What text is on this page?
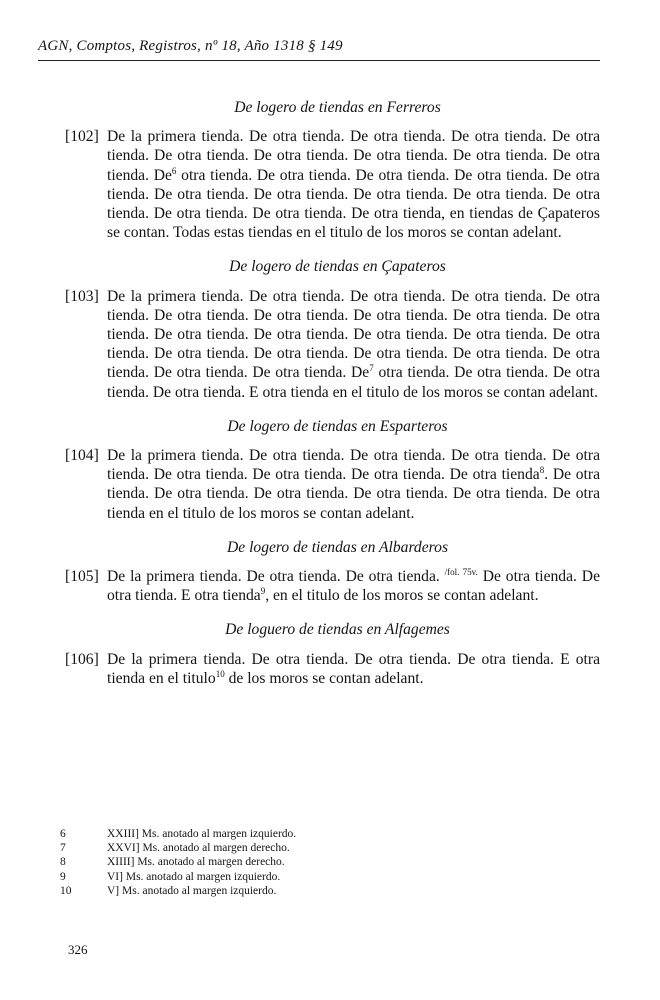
AGN, Comptos, Registros, nº 18, Año 1318 § 149
De logero de tiendas en Ferreros
[102] De la primera tienda. De otra tienda. De otra tienda. De otra tienda. De otra tienda. De otra tienda. De otra tienda. De otra tienda. De otra tienda. De otra tienda. De$^6$ otra tienda. De otra tienda. De otra tienda. De otra tienda. De otra tienda. De otra tienda. De otra tienda. De otra tienda. De otra tienda. De otra tienda. De otra tienda. De otra tienda. De otra tienda, en tiendas de Çapateros se contan. Todas estas tiendas en el titulo de los moros se contan adelant.
De logero de tiendas en Çapateros
[103] De la primera tienda. De otra tienda. De otra tienda. De otra tienda. De otra tienda. De otra tienda. De otra tienda. De otra tienda. De otra tienda. De otra tienda. De otra tienda. De otra tienda. De otra tienda. De otra tienda. De otra tienda. De otra tienda. De otra tienda. De otra tienda. De otra tienda. De otra tienda. De otra tienda. De otra tienda. De$^7$ otra tienda. De otra tienda. De otra tienda. De otra tienda. E otra tienda en el titulo de los moros se contan adelant.
De logero de tiendas en Esparteros
[104] De la primera tienda. De otra tienda. De otra tienda. De otra tienda. De otra tienda. De otra tienda. De otra tienda. De otra tienda. De otra tienda$^8$. De otra tienda. De otra tienda. De otra tienda. De otra tienda. De otra tienda. De otra tienda en el titulo de los moros se contan adelant.
De logero de tiendas en Albarderos
[105] De la primera tienda. De otra tienda. De otra tienda. $^{/fol. 75v.}$ De otra tienda. De otra tienda. E otra tienda$^9$, en el titulo de los moros se contan adelant.
De loguero de tiendas en Alfagemes
[106] De la primera tienda. De otra tienda. De otra tienda. De otra tienda. E otra tienda en el titulo$^{10}$ de los moros se contan adelant.
6	XXIII] Ms. anotado al margen izquierdo.
7	XXVI] Ms. anotado al margen derecho.
8	XIIII] Ms. anotado al margen derecho.
9	VI] Ms. anotado al margen izquierdo.
10	V] Ms. anotado al margen izquierdo.
326
